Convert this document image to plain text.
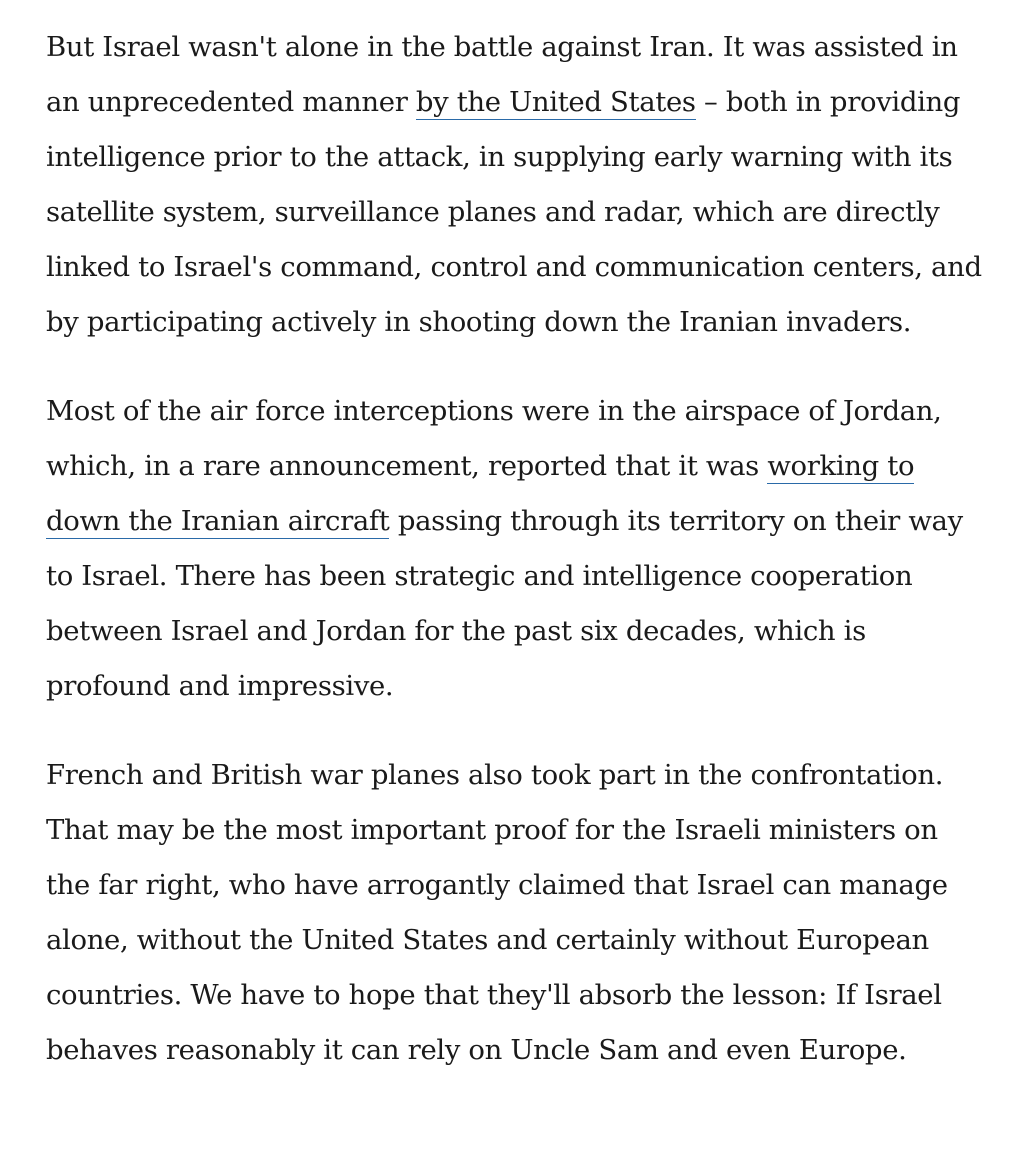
But Israel wasn't alone in the battle against Iran. It was assisted in an unprecedented manner by the United States – both in providing intelligence prior to the attack, in supplying early warning with its satellite system, surveillance planes and radar, which are directly linked to Israel's command, control and communication centers, and by participating actively in shooting down the Iranian invaders.

Most of the air force interceptions were in the airspace of Jordan, which, in a rare announcement, reported that it was working to down the Iranian aircraft passing through its territory on their way to Israel. There has been strategic and intelligence cooperation between Israel and Jordan for the past six decades, which is profound and impressive.

French and British war planes also took part in the confrontation. That may be the most important proof for the Israeli ministers on the far right, who have arrogantly claimed that Israel can manage alone, without the United States and certainly without European countries. We have to hope that they'll absorb the lesson: If Israel behaves reasonably it can rely on Uncle Sam and even Europe.
